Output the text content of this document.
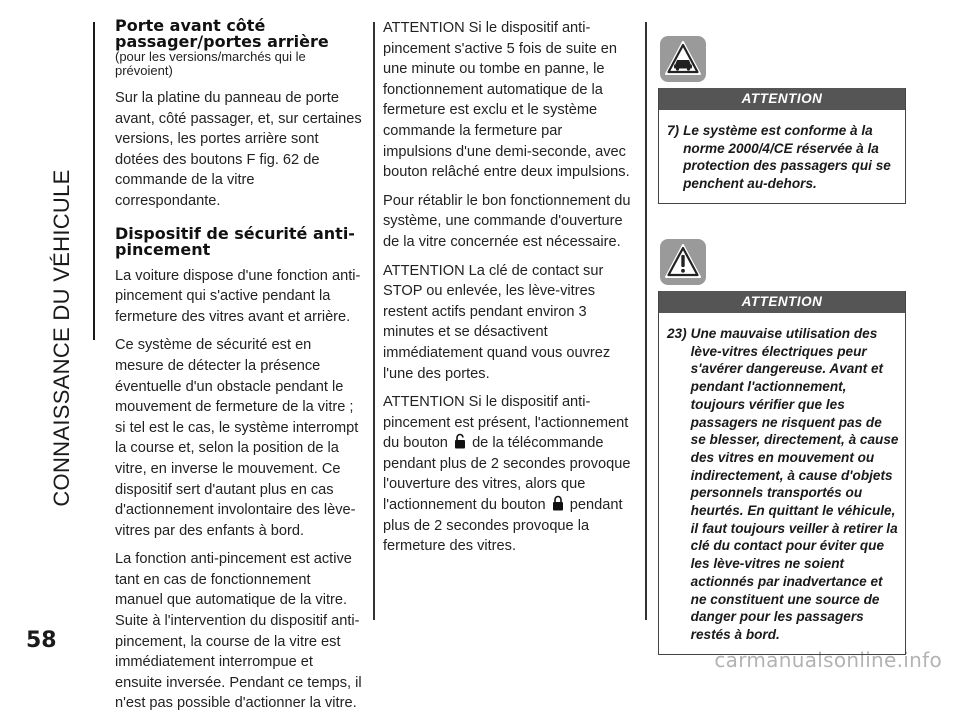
CONNAISSANCE DU VÉHICULE
58
carmanualsonline.info
Porte avant côté passager/portes arrière
(pour les versions/marchés qui le prévoient)

Sur la platine du panneau de porte avant, côté passager, et, sur certaines versions, les portes arrière sont dotées des boutons F fig. 62 de commande de la vitre correspondante.

Dispositif de sécurité anti-pincement

La voiture dispose d'une fonction anti-pincement qui s'active pendant la fermeture des vitres avant et arrière.

Ce système de sécurité est en mesure de détecter la présence éventuelle d'un obstacle pendant le mouvement de fermeture de la vitre ; si tel est le cas, le système interrompt la course et, selon la position de la vitre, en inverse le mouvement. Ce dispositif sert d'autant plus en cas d'actionnement involontaire des lève-vitres par des enfants à bord.

La fonction anti-pincement est active tant en cas de fonctionnement manuel que automatique de la vitre. Suite à l'intervention du dispositif anti-pincement, la course de la vitre est immédiatement interrompue et ensuite inversée. Pendant ce temps, il n'est pas possible d'actionner la vitre.

ATTENTION Si le dispositif anti-pincement s'active 5 fois de suite en une minute ou tombe en panne, le fonctionnement automatique de la fermeture est exclu et le système commande la fermeture par impulsions d'une demi-seconde, avec bouton relâché entre deux impulsions.

Pour rétablir le bon fonctionnement du système, une commande d'ouverture de la vitre concernée est nécessaire.

ATTENTION La clé de contact sur STOP ou enlevée, les lève-vitres restent actifs pendant environ 3 minutes et se désactivent immédiatement quand vous ouvrez l'une des portes.

ATTENTION Si le dispositif anti-pincement est présent, l'actionnement du bouton de la télécommande pendant plus de 2 secondes provoque l'ouverture des vitres, alors que l'actionnement du bouton pendant plus de 2 secondes provoque la fermeture des vitres.

ATTENTION
7) Le système est conforme à la norme 2000/4/CE réservée à la protection des passagers qui se penchent au-dehors.
ATTENTION
23) Une mauvaise utilisation des lève-vitres électriques peur s'avérer dangereuse. Avant et pendant l'actionnement, toujours vérifier que les passagers ne risquent pas de se blesser, directement, à cause des vitres en mouvement ou indirectement, à cause d'objets personnels transportés ou heurtés. En quittant le véhicule, il faut toujours veiller à retirer la clé du contact pour éviter que les lève-vitres ne soient actionnés par inadvertance et ne constituent une source de danger pour les passagers restés à bord.
